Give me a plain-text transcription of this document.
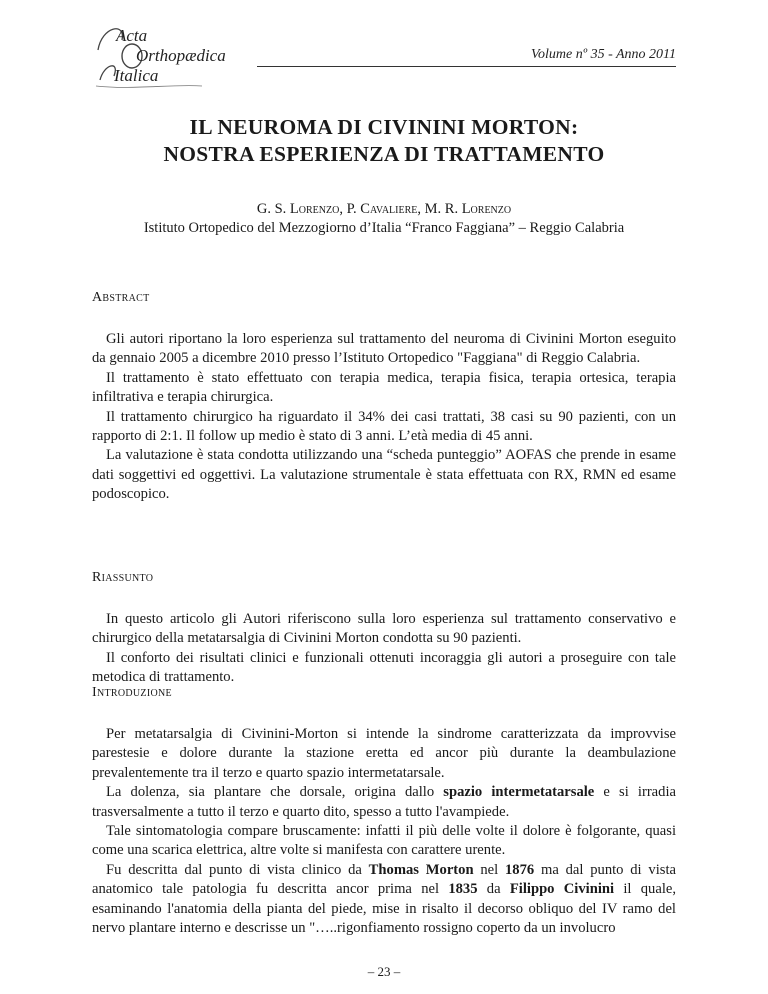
Acta
Orthopædica
Italica
Volume nº 35 - Anno 2011
IL NEUROMA DI CIVININI MORTON:
NOSTRA ESPERIENZA DI TRATTAMENTO
G. S. Lorenzo, P. Cavaliere, M. R. Lorenzo
Istituto Ortopedico del Mezzogiorno d’Italia “Franco Faggiana” – Reggio Calabria
Abstract

Gli autori riportano la loro esperienza sul trattamento del neuroma di Civinini Morton eseguito da gennaio 2005 a dicembre 2010 presso l’Istituto Ortopedico "Faggiana" di Reggio Calabria.

Il trattamento è stato effettuato con terapia medica, terapia fisica, terapia ortesica, terapia infiltrativa e terapia chirurgica.

Il trattamento chirurgico ha riguardato il 34% dei casi trattati, 38 casi su 90 pazienti, con un rapporto di 2:1. Il follow up medio è stato di 3 anni. L’età media di 45 anni.

La valutazione è stata condotta utilizzando una “scheda punteggio” AOFAS che prende in esame dati soggettivi ed oggettivi. La valutazione strumentale è stata effettuata con RX, RMN ed esame podoscopico.

Riassunto

In questo articolo gli Autori riferiscono sulla loro esperienza sul trattamento conservativo e chirurgico della metatarsalgia di Civinini Morton condotta su 90 pazienti.

Il conforto dei risultati clinici e funzionali ottenuti incoraggia gli autori a proseguire con tale metodica di trattamento.

Introduzione

Per metatarsalgia di Civinini-Morton si intende la sindrome caratterizzata da improvvise parestesie e dolore durante la stazione eretta ed ancor più durante la deambulazione prevalentemente tra il terzo e quarto spazio intermetatarsale.

La dolenza, sia plantare che dorsale, origina dallo spazio intermetatarsale e si irradia trasversalmente a tutto il terzo e quarto dito, spesso a tutto l'avampiede.

Tale sintomatologia compare bruscamente: infatti il più delle volte il dolore è folgorante, quasi come una scarica elettrica, altre volte si manifesta con carattere urente.

Fu descritta dal punto di vista clinico da Thomas Morton nel 1876 ma dal punto di vista anatomico tale patologia fu descritta ancor prima nel 1835 da Filippo Civinini il quale, esaminando l'anatomia della pianta del piede, mise in risalto il decorso obliquo del IV ramo del nervo plantare interno e descrisse un "…..rigonfiamento rossigno coperto da un involucro

– 23 –
